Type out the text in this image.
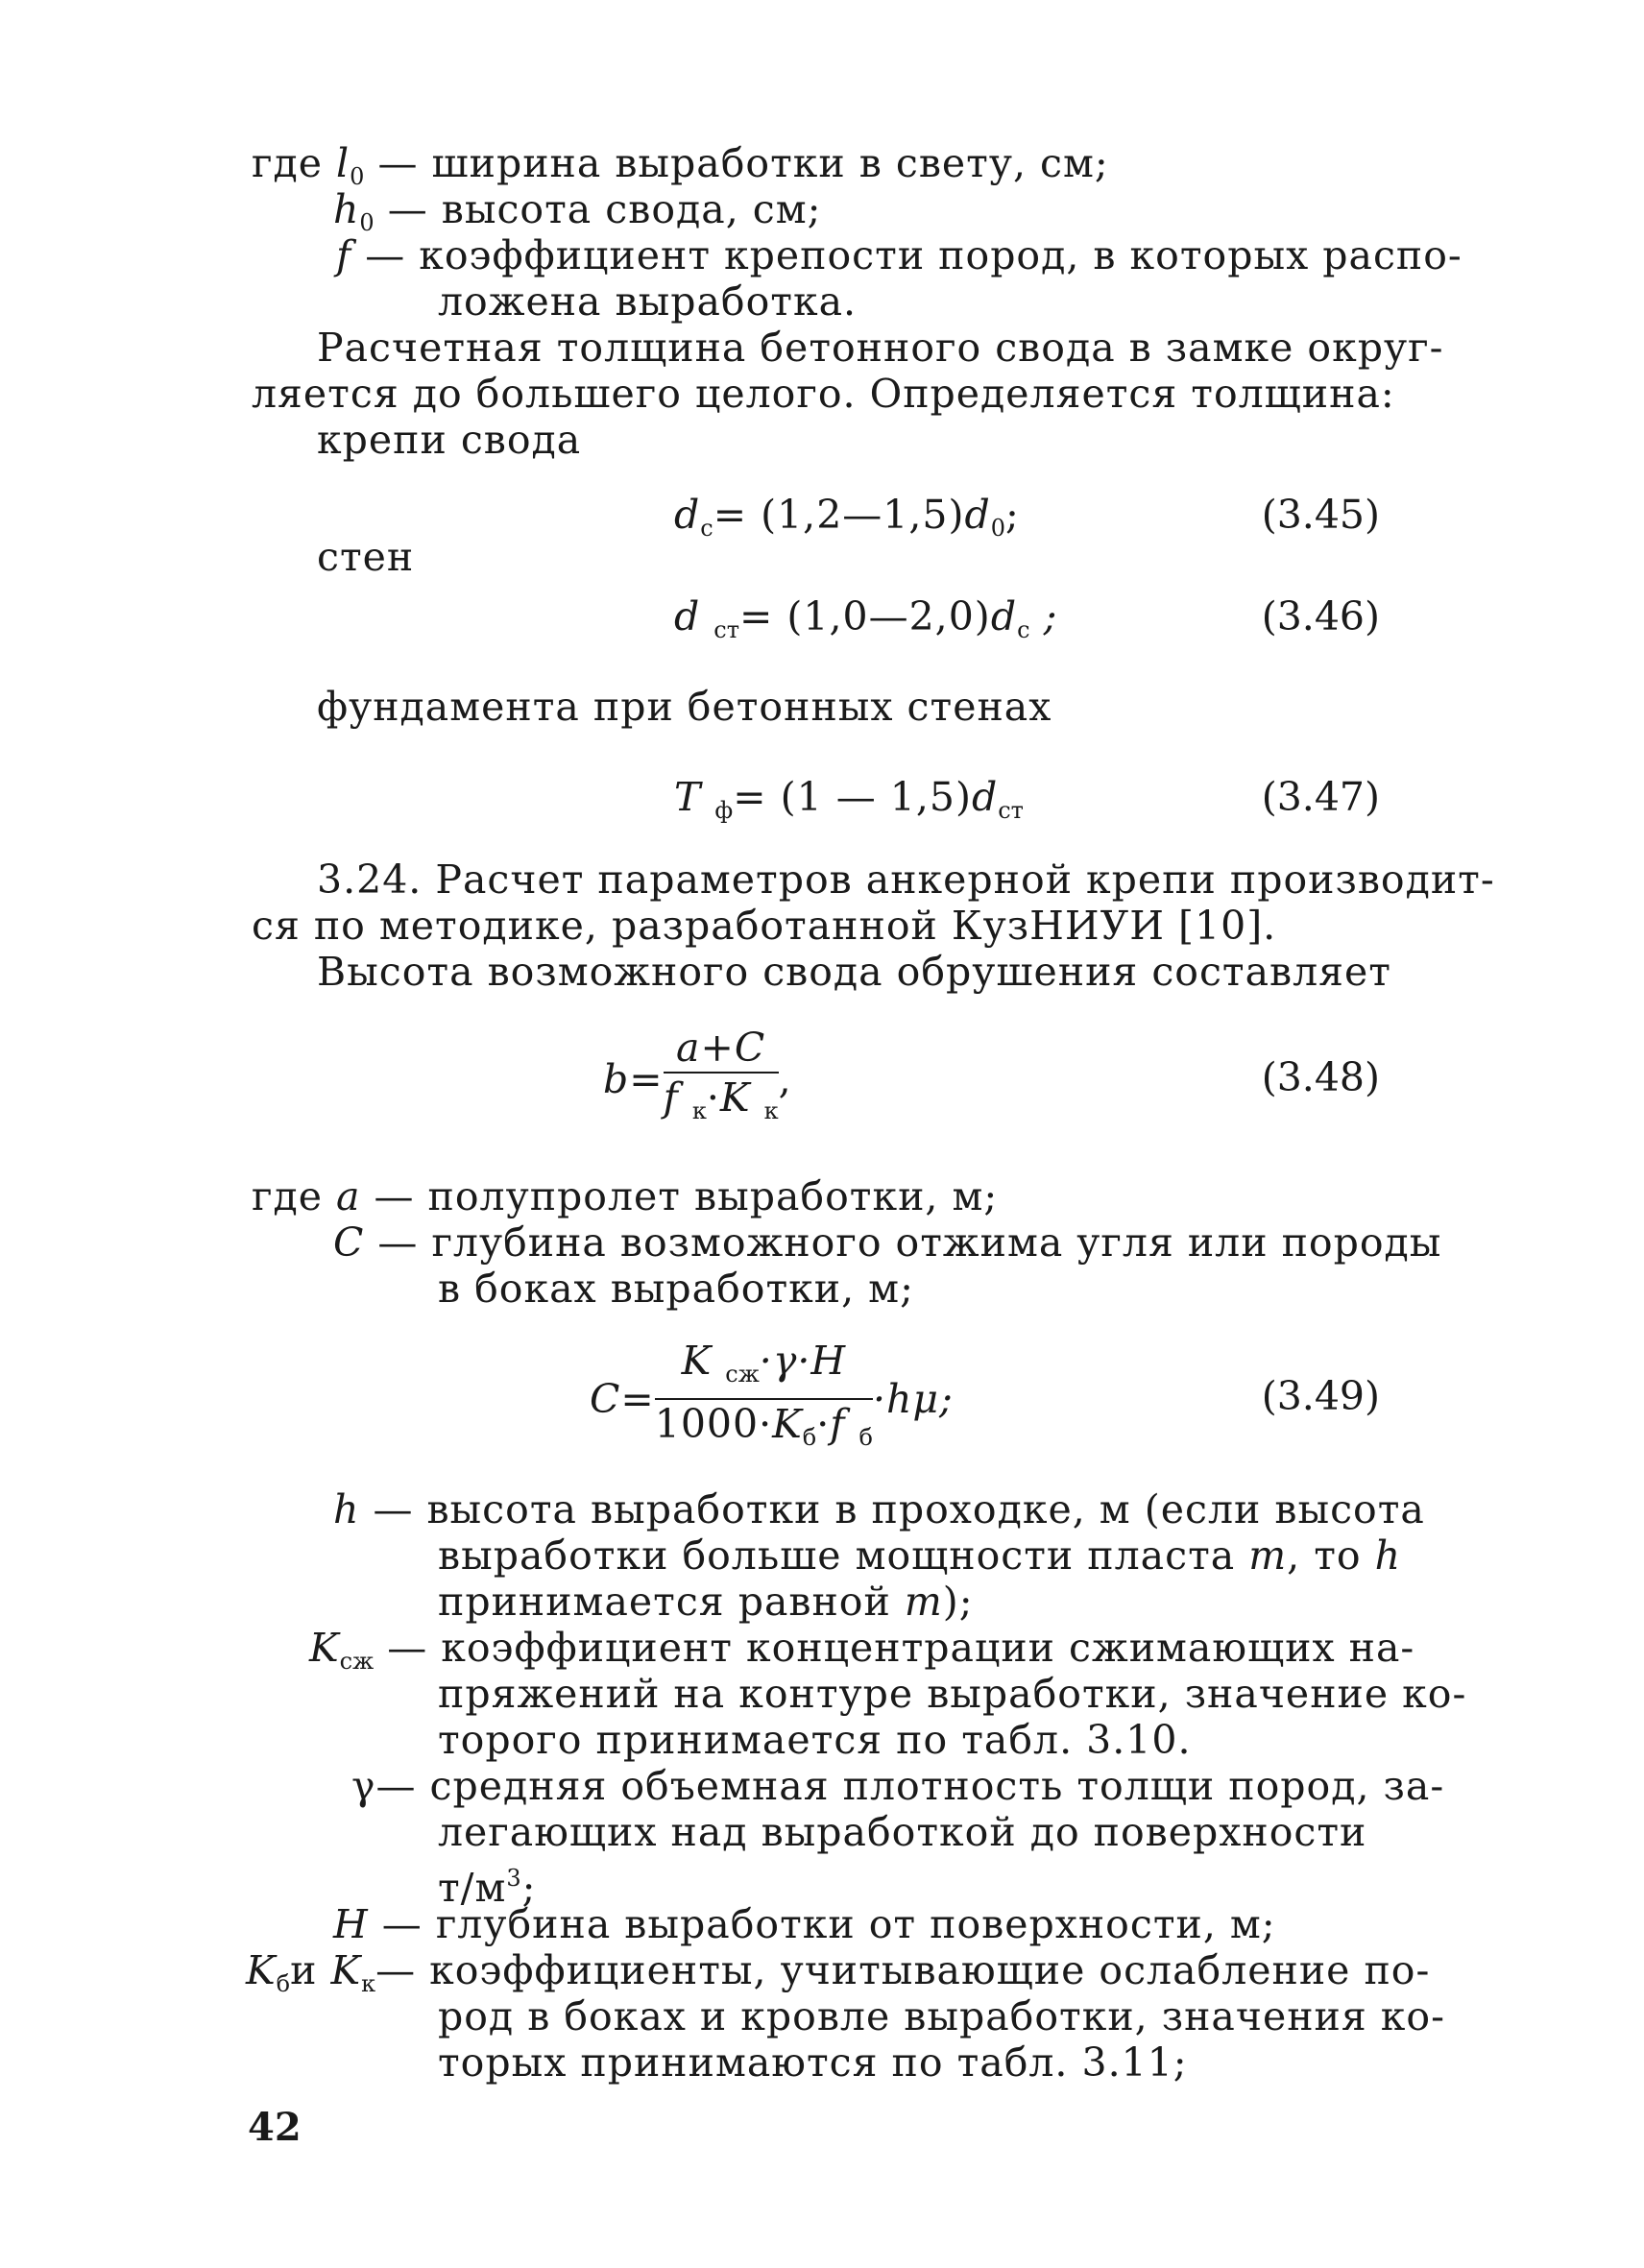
где $l_0$ — ширина выработки в свету, см;
$h_0$ — высота свода, см;
f — коэффициент крепости пород, в которых распо-
ложена выработка.
Расчетная толщина бетонного свода в замке округ-
ляется до большего целого. Определяется толщина:
крепи свода
$d_с=$ $(1,2—1,5)d_0$;	(3.45)
стен
d $_{ст}= (1,0—2,0)d_с$ ;	(3.46)
фундамента при бетонных стенах
T $_ф$= (1 — $1,5)d_{ст}$	(3.47)
3.24. Расчет параметров анкерной крепи производит-
ся по методике, разработанной КузНИУИ [10].
Высота возможного свода обрушения составляет
$b= \frac{a+C}{f _к\cdot K _к}$ ,	(3.48)
где a — полупролет выработки, м;
C — глубина возможного отжима угля или породы
в боках выработки, м;
$C= \frac{K _{сж}\cdot\gamma\cdot H}{1000\cdot K_б\cdot f _б} \cdot h\mu$;	(3.49)
h — высота выработки в проходке, м (если высота
выработки больше мощности пласта m, то h
принимается равной m);
$K_{сж}$ — коэффициент концентрации сжимающих на-
пряжений на контуре выработки, значение ко-
торого принимается по табл. 3.10.
γ— средняя объемная плотность толщи пород, за-
легающих над выработкой до поверхности
$т/м^3$;
H — глубина выработки от поверхности, м;
$K_би$ $K_к—$ коэффициенты, учитывающие ослабление по-
род в боках и кровле выработки, значения ко-
торых принимаются по табл. 3.11;
42
